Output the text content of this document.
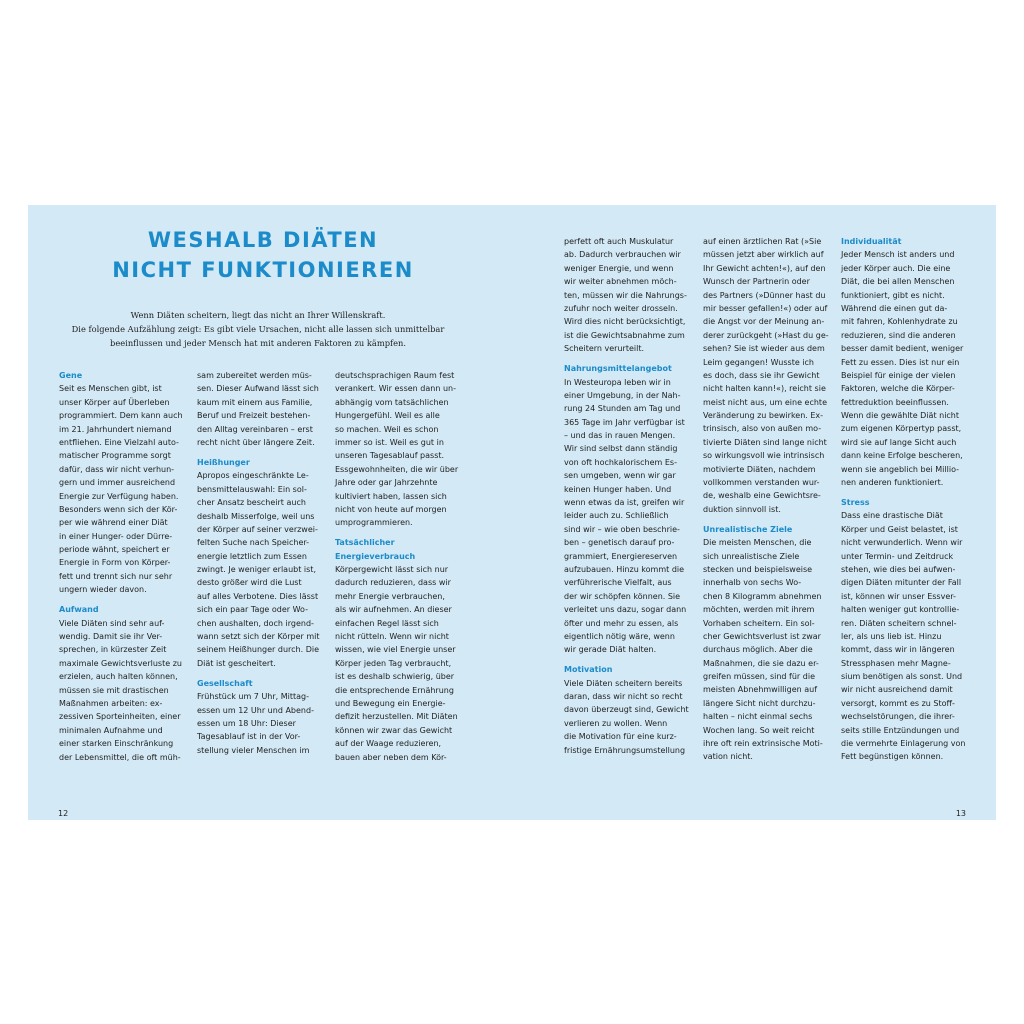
WESHALB DIÄTEN
NICHT FUNKTIONIEREN

Wenn Diäten scheitern, liegt das nicht an Ihrer Willenskraft.
Die folgende Aufzählung zeigt: Es gibt viele Ursachen, nicht alle lassen sich unmittelbar
beeinflussen und jeder Mensch hat mit anderen Faktoren zu kämpfen.

Gene
Seit es Menschen gibt, ist
unser Körper auf Überleben
programmiert. Dem kann auch
im 21. Jahrhundert niemand
entfliehen. Eine Vielzahl auto-
matischer Programme sorgt
dafür, dass wir nicht verhun-
gern und immer ausreichend
Energie zur Verfügung haben.
Besonders wenn sich der Kör-
per wie während einer Diät
in einer Hunger- oder Dürre-
periode wähnt, speichert er
Energie in Form von Körper-
fett und trennt sich nur sehr
ungern wieder davon.
Aufwand
Viele Diäten sind sehr auf-
wendig. Damit sie ihr Ver-
sprechen, in kürzester Zeit
maximale Gewichtsverluste zu
erzielen, auch halten können,
müssen sie mit drastischen
Maßnahmen arbeiten: ex-
zessiven Sporteinheiten, einer
minimalen Aufnahme und
einer starken Einschränkung
der Lebensmittel, die oft müh-
sam zubereitet werden müs-
sen. Dieser Aufwand lässt sich
kaum mit einem aus Familie,
Beruf und Freizeit bestehen-
den Alltag vereinbaren – erst
recht nicht über längere Zeit.
Heißhunger
Apropos eingeschränkte Le-
bensmittelauswahl: Ein sol-
cher Ansatz bescheirt auch
deshalb Misserfolge, weil uns
der Körper auf seiner verzwei-
felten Suche nach Speicher-
energie letztlich zum Essen
zwingt. Je weniger erlaubt ist,
desto größer wird die Lust
auf alles Verbotene. Dies lässt
sich ein paar Tage oder Wo-
chen aushalten, doch irgend-
wann setzt sich der Körper mit
seinem Heißhunger durch. Die
Diät ist gescheitert.
Gesellschaft
Frühstück um 7 Uhr, Mittag-
essen um 12 Uhr und Abend-
essen um 18 Uhr: Dieser
Tagesablauf ist in der Vor-
stellung vieler Menschen im
deutschsprachigen Raum fest
verankert. Wir essen dann un-
abhängig vom tatsächlichen
Hungergefühl. Weil es alle
so machen. Weil es schon
immer so ist. Weil es gut in
unseren Tagesablauf passt.
Essgewohnheiten, die wir über
Jahre oder gar Jahrzehnte
kultiviert haben, lassen sich
nicht von heute auf morgen
umprogrammieren.
Tatsächlicher
Energieverbrauch
Körpergewicht lässt sich nur
dadurch reduzieren, dass wir
mehr Energie verbrauchen,
als wir aufnehmen. An dieser
einfachen Regel lässt sich
nicht rütteln. Wenn wir nicht
wissen, wie viel Energie unser
Körper jeden Tag verbraucht,
ist es deshalb schwierig, über
die entsprechende Ernährung
und Bewegung ein Energie-
defizit herzustellen. Mit Diäten
können wir zwar das Gewicht
auf der Waage reduzieren,
bauen aber neben dem Kör-
12
perfett oft auch Muskulatur
ab. Dadurch verbrauchen wir
weniger Energie, und wenn
wir weiter abnehmen möch-
ten, müssen wir die Nahrungs-
zufuhr noch weiter drosseln.
Wird dies nicht berücksichtigt,
ist die Gewichtsabnahme zum
Scheitern verurteilt.
Nahrungsmittelangebot
In Westeuropa leben wir in
einer Umgebung, in der Nah-
rung 24 Stunden am Tag und
365 Tage im Jahr verfügbar ist
– und das in rauen Mengen.
Wir sind selbst dann ständig
von oft hochkalorischem Es-
sen umgeben, wenn wir gar
keinen Hunger haben. Und
wenn etwas da ist, greifen wir
leider auch zu. Schließlich
sind wir – wie oben beschrie-
ben – genetisch darauf pro-
grammiert, Energiereserven
aufzubauen. Hinzu kommt die
verführerische Vielfalt, aus
der wir schöpfen können. Sie
verleitet uns dazu, sogar dann
öfter und mehr zu essen, als
eigentlich nötig wäre, wenn
wir gerade Diät halten.
Motivation
Viele Diäten scheitern bereits
daran, dass wir nicht so recht
davon überzeugt sind, Gewicht
verlieren zu wollen. Wenn
die Motivation für eine kurz-
fristige Ernährungsumstellung
auf einen ärztlichen Rat (»Sie
müssen jetzt aber wirklich auf
Ihr Gewicht achten!«), auf den
Wunsch der Partnerin oder
des Partners (»Dünner hast du
mir besser gefallen!«) oder auf
die Angst vor der Meinung an-
derer zurückgeht (»Hast du ge-
sehen? Sie ist wieder aus dem
Leim gegangen! Wusste ich
es doch, dass sie ihr Gewicht
nicht halten kann!«), reicht sie
meist nicht aus, um eine echte
Veränderung zu bewirken. Ex-
trinsisch, also von außen mo-
tivierte Diäten sind lange nicht
so wirkungsvoll wie intrinsisch
motivierte Diäten, nachdem
vollkommen verstanden wur-
de, weshalb eine Gewichtsre-
duktion sinnvoll ist.
Unrealistische Ziele
Die meisten Menschen, die
sich unrealistische Ziele
stecken und beispielsweise
innerhalb von sechs Wo-
chen 8 Kilogramm abnehmen
möchten, werden mit ihrem
Vorhaben scheitern. Ein sol-
cher Gewichtsverlust ist zwar
durchaus möglich. Aber die
Maßnahmen, die sie dazu er-
greifen müssen, sind für die
meisten Abnehmwilligen auf
längere Sicht nicht durchzu-
halten – nicht einmal sechs
Wochen lang. So weit reicht
ihre oft rein extrinsische Moti-
vation nicht.
Individualität
Jeder Mensch ist anders und
jeder Körper auch. Die eine
Diät, die bei allen Menschen
funktioniert, gibt es nicht.
Während die einen gut da-
mit fahren, Kohlenhydrate zu
reduzieren, sind die anderen
besser damit bedient, weniger
Fett zu essen. Dies ist nur ein
Beispiel für einige der vielen
Faktoren, welche die Körper-
fettreduktion beeinflussen.
Wenn die gewählte Diät nicht
zum eigenen Körpertyp passt,
wird sie auf lange Sicht auch
dann keine Erfolge bescheren,
wenn sie angeblich bei Millio-
nen anderen funktioniert.
Stress
Dass eine drastische Diät
Körper und Geist belastet, ist
nicht verwunderlich. Wenn wir
unter Termin- und Zeitdruck
stehen, wie dies bei aufwen-
digen Diäten mitunter der Fall
ist, können wir unser Essver-
halten weniger gut kontrollie-
ren. Diäten scheitern schnel-
ler, als uns lieb ist. Hinzu
kommt, dass wir in längeren
Stressphasen mehr Magne-
sium benötigen als sonst. Und
wir nicht ausreichend damit
versorgt, kommt es zu Stoff-
wechselstörungen, die ihrer-
seits stille Entzündungen und
die vermehrte Einlagerung von
Fett begünstigen können.
13
